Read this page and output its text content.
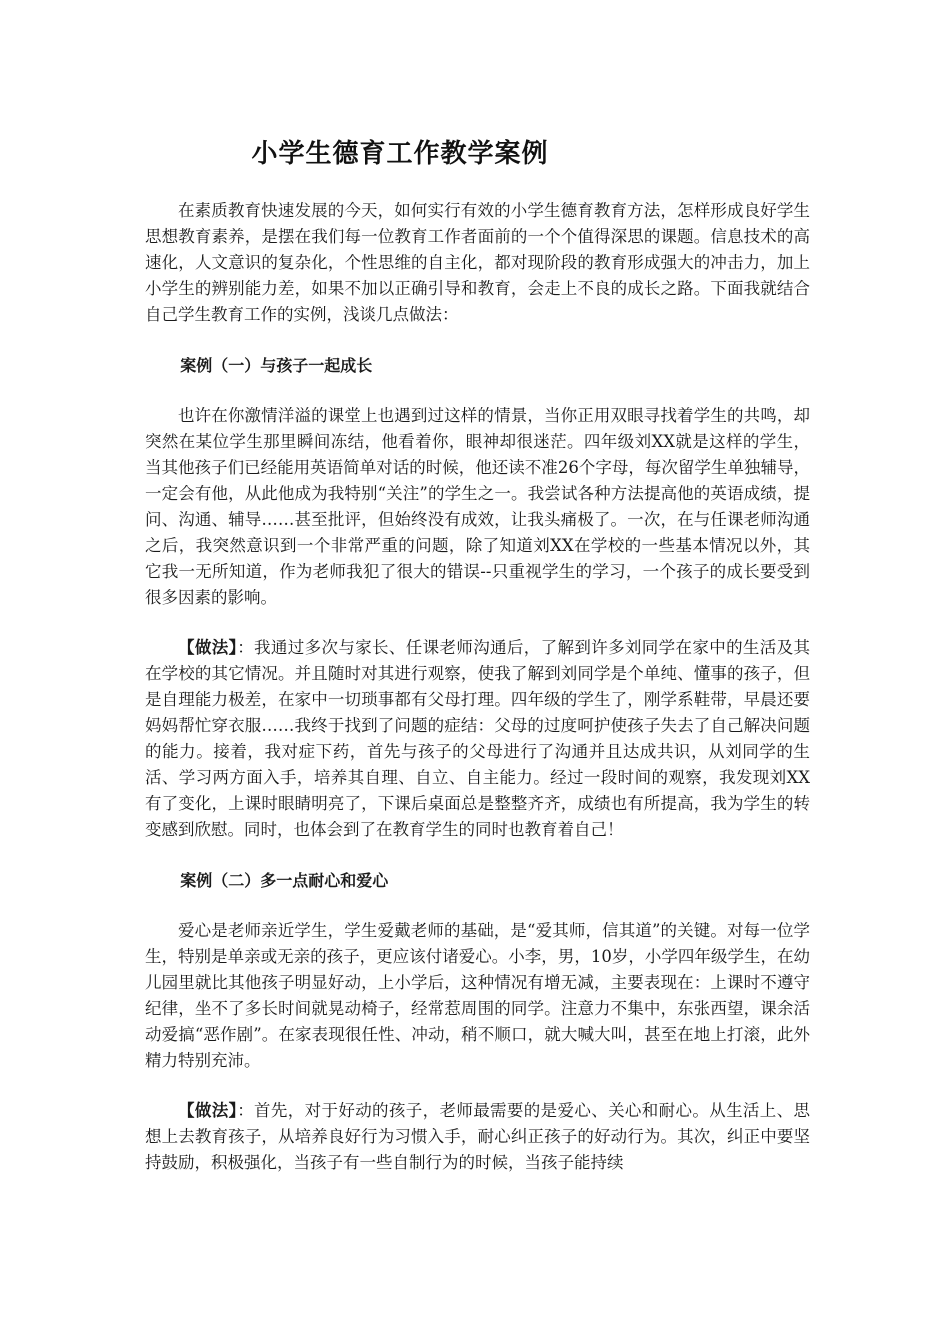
小学生德育工作教学案例

在素质教育快速发展的今天，如何实行有效的小学生德育教育方法，怎样形成良好学生思想教育素养，是摆在我们每一位教育工作者面前的一个个值得深思的课题。信息技术的高速化，人文意识的复杂化，个性思维的自主化，都对现阶段的教育形成强大的冲击力，加上小学生的辨别能力差，如果不加以正确引导和教育，会走上不良的成长之路。下面我就结合自己学生教育工作的实例，浅谈几点做法：

案例（一）与孩子一起成长

也许在你激情洋溢的课堂上也遇到过这样的情景，当你正用双眼寻找着学生的共鸣，却突然在某位学生那里瞬间冻结，他看着你，眼神却很迷茫。四年级刘XX就是这样的学生，当其他孩子们已经能用英语简单对话的时候，他还读不准26个字母，每次留学生单独辅导，一定会有他，从此他成为我特别“关注”的学生之一。我尝试各种方法提高他的英语成绩，提问、沟通、辅导……甚至批评，但始终没有成效，让我头痛极了。一次，在与任课老师沟通之后，我突然意识到一个非常严重的问题，除了知道刘XX在学校的一些基本情况以外，其它我一无所知道，作为老师我犯了很大的错误--只重视学生的学习，一个孩子的成长要受到很多因素的影响。

【做法】：我通过多次与家长、任课老师沟通后，了解到许多刘同学在家中的生活及其在学校的其它情况。并且随时对其进行观察，使我了解到刘同学是个单纯、懂事的孩子，但是自理能力极差，在家中一切琐事都有父母打理。四年级的学生了，刚学系鞋带，早晨还要妈妈帮忙穿衣服……我终于找到了问题的症结：父母的过度呵护使孩子失去了自己解决问题的能力。接着，我对症下药，首先与孩子的父母进行了沟通并且达成共识，从刘同学的生活、学习两方面入手，培养其自理、自立、自主能力。经过一段时间的观察，我发现刘XX有了变化，上课时眼睛明亮了，下课后桌面总是整整齐齐，成绩也有所提高，我为学生的转变感到欣慰。同时，也体会到了在教育学生的同时也教育着自己！

案例（二）多一点耐心和爱心

爱心是老师亲近学生，学生爱戴老师的基础，是“爱其师，信其道”的关键。对每一位学生，特别是单亲或无亲的孩子，更应该付诸爱心。小李，男，10岁，小学四年级学生，在幼儿园里就比其他孩子明显好动，上小学后，这种情况有增无减，主要表现在：上课时不遵守纪律，坐不了多长时间就晃动椅子，经常惹周围的同学。注意力不集中，东张西望，课余活动爱搞“恶作剧”。在家表现很任性、冲动，稍不顺口，就大喊大叫，甚至在地上打滚，此外精力特别充沛。

【做法】：首先，对于好动的孩子，老师最需要的是爱心、关心和耐心。从生活上、思想上去教育孩子，从培养良好行为习惯入手，耐心纠正孩子的好动行为。其次，纠正中要坚持鼓励，积极强化，当孩子有一些自制行为的时候，当孩子能持续
